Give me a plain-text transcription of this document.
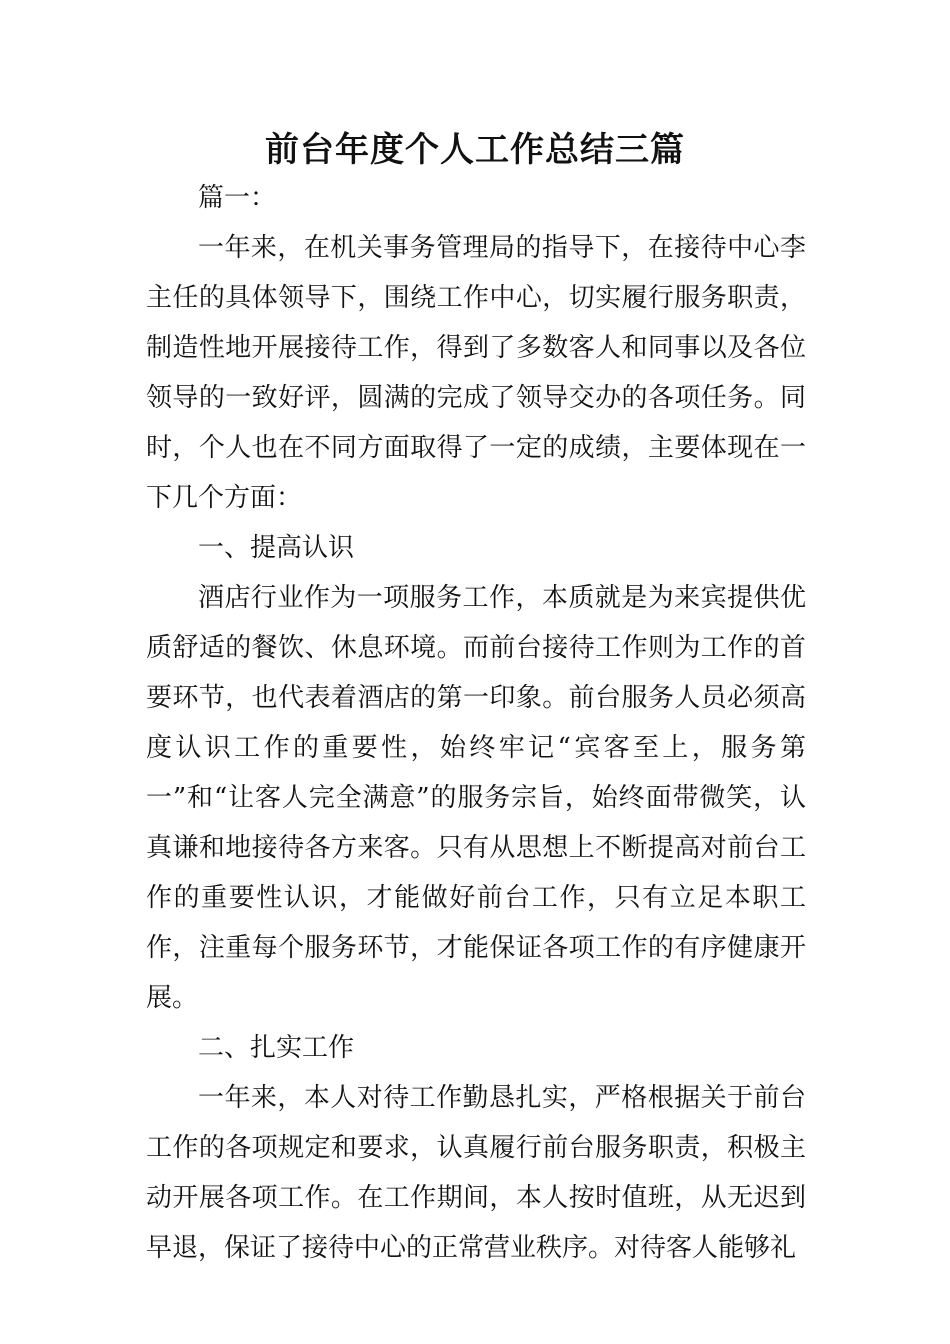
前台年度个人工作总结三篇

篇一：

一年来，在机关事务管理局的指导下，在接待中心李主任的具体领导下，围绕工作中心，切实履行服务职责，制造性地开展接待工作，得到了多数客人和同事以及各位领导的一致好评，圆满的完成了领导交办的各项任务。同时，个人也在不同方面取得了一定的成绩，主要体现在一下几个方面：

一、提高认识

酒店行业作为一项服务工作，本质就是为来宾提供优质舒适的餐饮、休息环境。而前台接待工作则为工作的首要环节，也代表着酒店的第一印象。前台服务人员必须高度认识工作的重要性，始终牢记“宾客至上，服务第一”和“让客人完全满意”的服务宗旨，始终面带微笑，认真谦和地接待各方来客。只有从思想上不断提高对前台工作的重要性认识，才能做好前台工作，只有立足本职工作，注重每个服务环节，才能保证各项工作的有序健康开展。

二、扎实工作

一年来，本人对待工作勤恳扎实，严格根据关于前台工作的各项规定和要求，认真履行前台服务职责，积极主动开展各项工作。在工作期间，本人按时值班，从无迟到早退，保证了接待中心的正常营业秩序。对待客人能够礼
